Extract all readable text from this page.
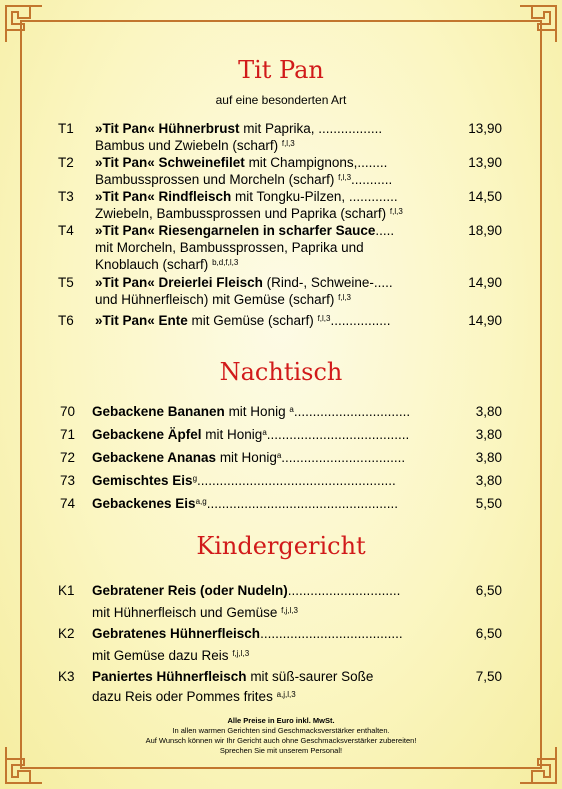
Tit Pan
auf eine besonderten Art
T1 »Tit Pan« Hühnerbrust mit Paprika, .................
Bambus und Zwiebeln (scharf) $^{f,l,3}$
13,90
T2 »Tit Pan« Schweinefilet mit Champignons,........
Bambussprossen und Morcheln (scharf) $^{f,l,3}$...........
13,90
T3 »Tit Pan« Rindfleisch mit Tongku-Pilzen, .............
Zwiebeln, Bambussprossen und Paprika (scharf) $^{f,l,3}$
14,50
T4 »Tit Pan« Riesengarnelen in scharfer Sauce.....
mit Morcheln, Bambussprossen, Paprika und
Knoblauch (scharf) $^{b,d,f,l,3}$
18,90
T5 »Tit Pan« Dreierlei Fleisch (Rind-, Schweine-.....
und Hühnerfleisch) mit Gemüse (scharf) $^{f,l,3}$
14,90
T6 »Tit Pan« Ente mit Gemüse (scharf) $^{f,l,3}$................	14,90
Nachtisch
70 Gebackene Bananen mit Honig $^a$...............................	3,80
71 Gebackene Äpfel mit Honig$^a$......................................	3,80
72 Gebackene Ananas mit Honig$^a$.................................	3,80
73 Gemischtes Eis$^g$.....................................................	3,80
74 Gebackenes Eis$^{a,g}$...................................................	5,50
Kindergericht
K1 Gebratener Reis (oder Nudeln)..............................
mit Hühnerfleisch und Gemüse $^{f,j,l,3}$
6,50
K2 Gebratenes Hühnerfleisch......................................
mit Gemüse dazu Reis $^{f,j,l,3}$
6,50
K3 Paniertes Hühnerfleisch mit süß-saurer Soße
dazu Reis oder Pommes frites $^{a,j,l,3}$
7,50
Alle Preise in Euro inkl. MwSt.
In allen warmen Gerichten sind Geschmacksverstärker enthalten.
Auf Wunsch können wir Ihr Gericht auch ohne Geschmacksverstärker zubereiten!
Sprechen Sie mit unserem Personal!
